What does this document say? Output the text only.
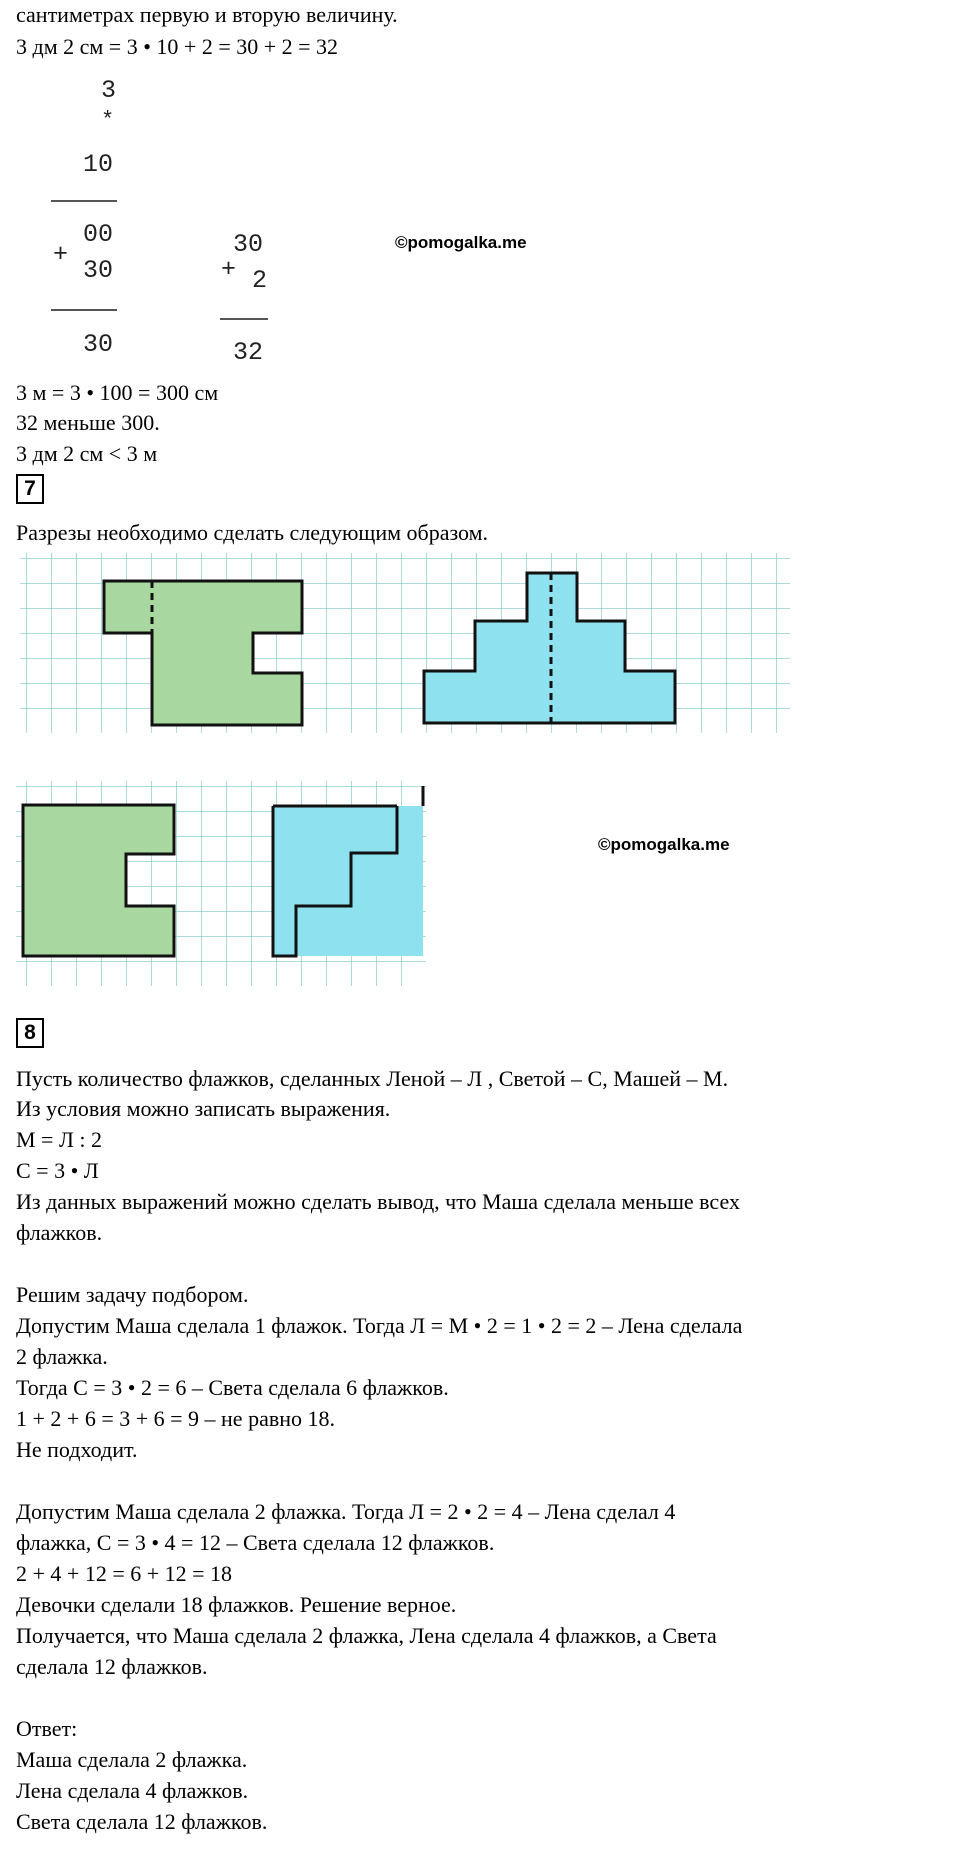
сантиметрах первую и вторую величину.
3 дм 2 см = 3 • 10 + 2 = 30 + 2 = 32
3
*
10
+
00
30
30
+
30
2
32
©pomogalka.me
3 м = 3 • 100 = 300 см
32 меньше 300.
3 дм 2 см < 3 м
7
Разрезы необходимо сделать следующим образом.
©pomogalka.me
8
Пусть количество флажков, сделанных Леной – Л , Светой – С, Машей – М.
Из условия можно записать выражения.
М = Л : 2
С = 3 • Л
Из данных выражений можно сделать вывод, что Маша сделала меньше всех
флажков.
Решим задачу подбором.
Допустим Маша сделала 1 флажок. Тогда Л = М • 2 = 1 • 2 = 2 – Лена сделала
2 флажка.
Тогда С = 3 • 2 = 6 – Света сделала 6 флажков.
1 + 2 + 6 = 3 + 6 = 9 – не равно 18.
Не подходит.
Допустим Маша сделала 2 флажка. Тогда Л = 2 • 2 = 4 – Лена сделал 4
флажка, С = 3 • 4 = 12 – Света сделала 12 флажков.
2 + 4 + 12 = 6 + 12 = 18
Девочки сделали 18 флажков. Решение верное.
Получается, что Маша сделала 2 флажка, Лена сделала 4 флажков, а Света
сделала 12 флажков.
Ответ:
Маша сделала 2 флажка.
Лена сделала 4 флажков.
Света сделала 12 флажков.
